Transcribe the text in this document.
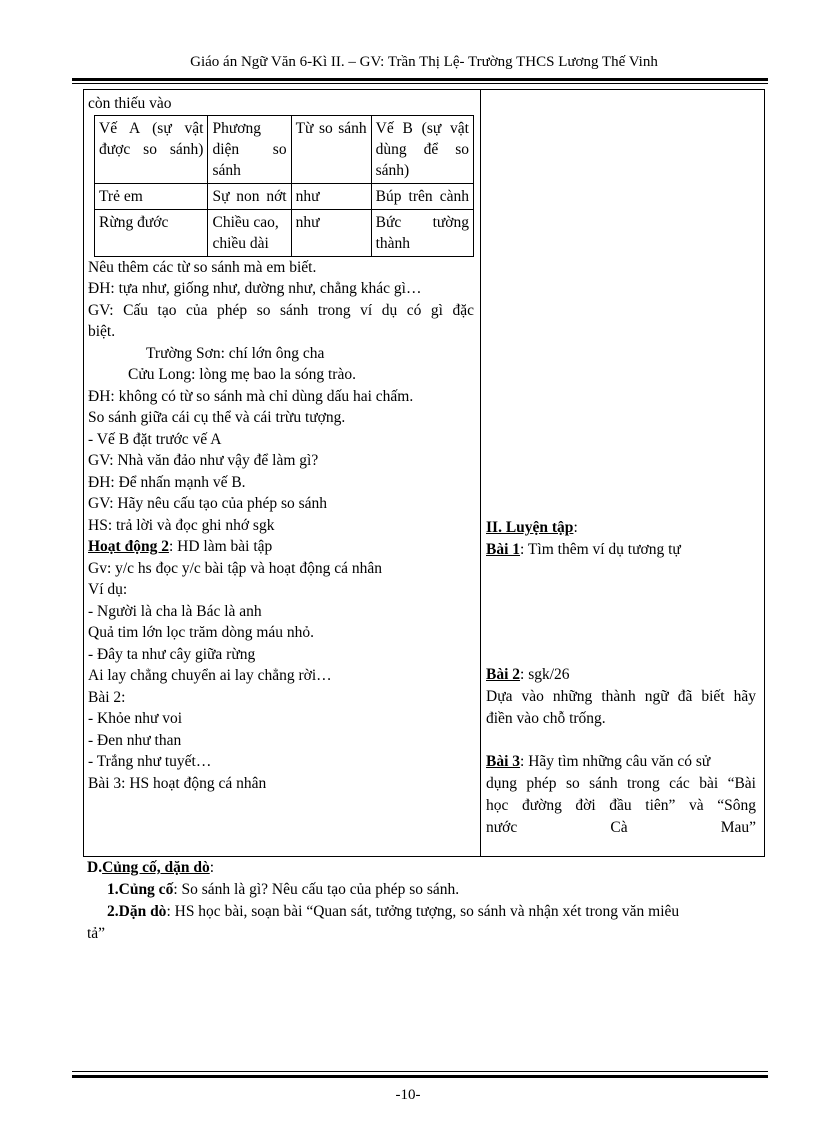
Giáo án Ngữ Văn 6-Kì II. – GV: Trần Thị Lệ- Trường THCS Lương Thế Vinh
còn thiếu vào
Vế A (sự vật được so sánh)	Phương diện so sánh	Từ so sánh	Vế B (sự vật dùng để so sánh)
Trẻ em	Sự non nớt	như	Búp trên cành
Rừng đước	Chiều cao, chiều dài	như	Bức tường thành
Nêu thêm các từ so sánh mà em biết.
ĐH: tựa như, giống như, dường như, chẳng khác gì…
GV: Cấu tạo của phép so sánh trong ví dụ có gì đặc
biệt.
Trường Sơn: chí lớn ông cha
Cửu Long: lòng mẹ bao la sóng trào.
ĐH: không có từ so sánh mà chỉ dùng dấu hai chấm.
So sánh giữa cái cụ thể và cái trừu tượng.
- Vế B đặt trước vế A
GV: Nhà văn đảo như vậy để làm gì?
ĐH: Để nhấn mạnh vế B.
GV: Hãy nêu cấu tạo của phép so sánh
HS: trả lời và đọc ghi nhớ sgk
Hoạt động 2: HD làm bài tập
Gv: y/c hs đọc y/c bài tập và hoạt động cá nhân
Ví dụ:
- Người là cha là Bác là anh
Quả tim lớn lọc trăm dòng máu nhỏ.
- Đây ta như cây giữa rừng
Ai lay chẳng chuyển ai lay chẳng rời…
Bài 2:
- Khỏe như voi
- Đen như than
- Trắng như tuyết…
Bài 3: HS hoạt động cá nhân
II. Luyện tập:
Bài 1: Tìm thêm ví dụ tương tự
Bài 2: sgk/26
Dựa vào những thành ngữ đã biết hãy
điền vào chỗ trống.
Bài 3: Hãy tìm những câu văn có sử
dụng phép so sánh trong các bài “Bài
học đường đời đầu tiên” và “Sông
nước Cà Mau”
D.Củng cố, dặn dò:
1.Củng cố: So sánh là gì? Nêu cấu tạo của phép so sánh.
2.Dặn dò: HS học bài, soạn bài “Quan sát, tưởng tượng, so sánh và nhận xét trong văn miêu
tả”
-10-
